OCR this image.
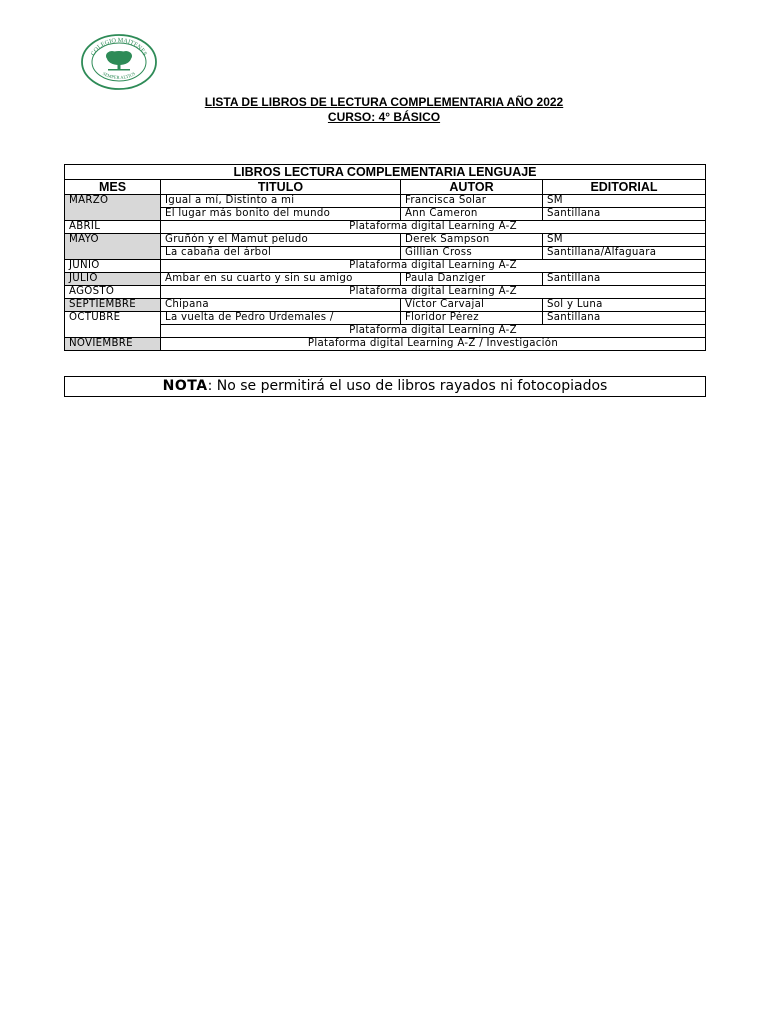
COLEGIO MAITENES
SEMPER ALTIUS
LISTA DE LIBROS DE LECTURA COMPLEMENTARIA AÑO 2022
CURSO: 4° BÁSICO
LIBROS LECTURA COMPLEMENTARIA LENGUAJE			
MES	TITULO	AUTOR	EDITORIAL
MARZO	Igual a mí, Distinto a mi	Francisca Solar	SM
	El lugar más bonito del mundo	Ann Cameron	Santillana
ABRIL	Plataforma digital Learning A-Z		
MAYO	Gruñón y el Mamut peludo	Derek Sampson	SM
	La cabaña del árbol	Gillian Cross	Santillana/Alfaguara
JUNIO	Plataforma digital Learning A-Z		
JULIO	Ambar en su cuarto y sin su amigo	Paula Danziger	Santillana
AGOSTO	Plataforma digital Learning A-Z		
SEPTIEMBRE	Chipana	Víctor Carvajal	Sol y Luna
OCTUBRE	La vuelta de Pedro Urdemales /	Floridor Pérez	Santillana
	Plataforma digital Learning A-Z		
NOVIEMBRE	Plataforma digital Learning A-Z / Investigación		
NOTA: No se permitirá el uso de libros rayados ni fotocopiados
